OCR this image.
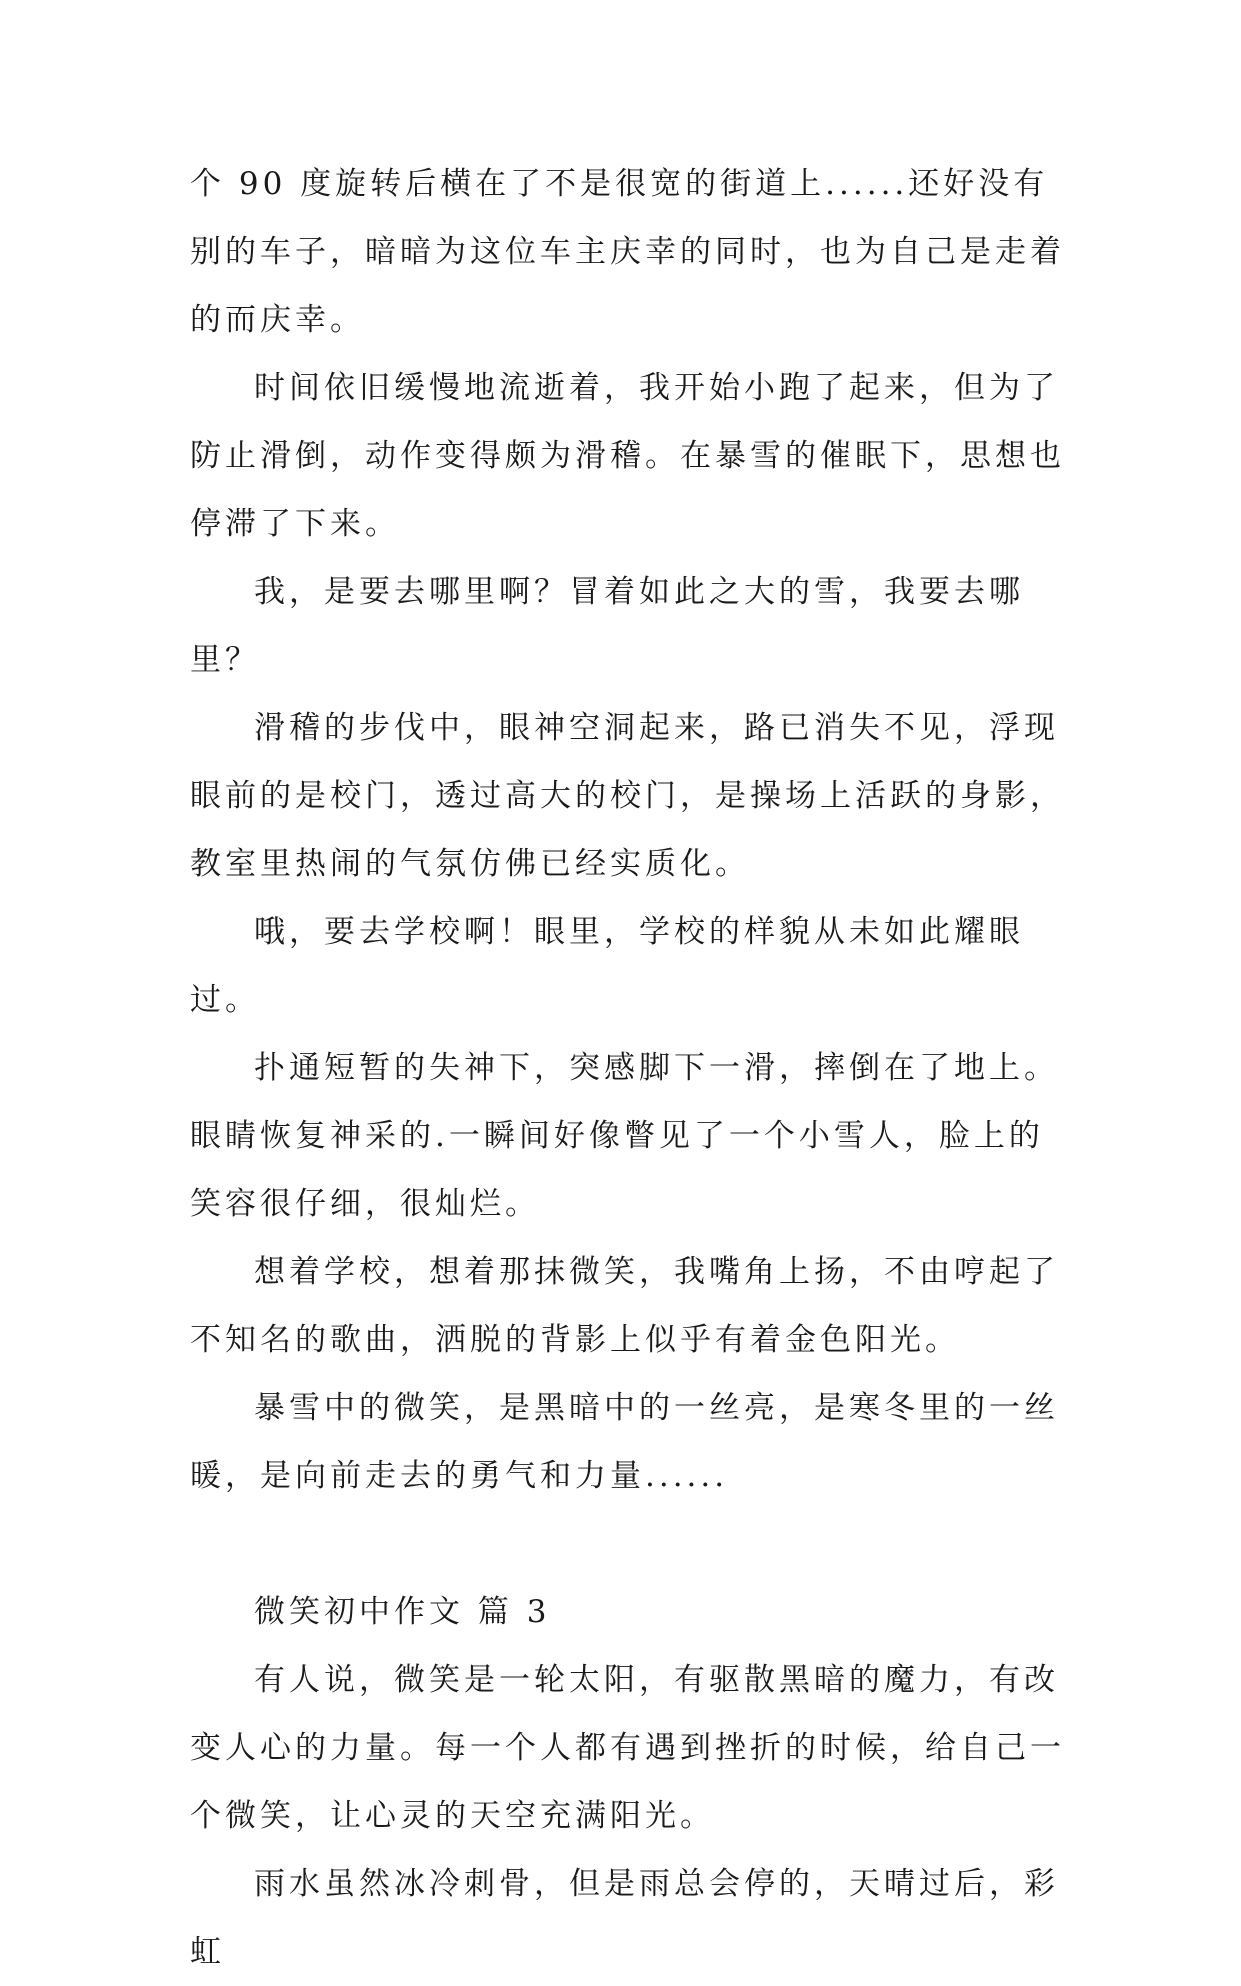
个 90 度旋转后横在了不是很宽的街道上......还好没有别的车子，暗暗为这位车主庆幸的同时，也为自己是走着的而庆幸。

时间依旧缓慢地流逝着，我开始小跑了起来，但为了防止滑倒，动作变得颇为滑稽。在暴雪的催眠下，思想也停滞了下来。

我，是要去哪里啊？冒着如此之大的雪，我要去哪里？

滑稽的步伐中，眼神空洞起来，路已消失不见，浮现眼前的是校门，透过高大的校门，是操场上活跃的身影，教室里热闹的气氛仿佛已经实质化。

哦，要去学校啊！眼里，学校的样貌从未如此耀眼过。

扑通短暂的失神下，突感脚下一滑，摔倒在了地上。眼睛恢复神采的.一瞬间好像瞥见了一个小雪人，脸上的笑容很仔细，很灿烂。

想着学校，想着那抹微笑，我嘴角上扬，不由哼起了不知名的歌曲，洒脱的背影上似乎有着金色阳光。

暴雪中的微笑，是黑暗中的一丝亮，是寒冬里的一丝暖，是向前走去的勇气和力量......

微笑初中作文 篇 3

有人说，微笑是一轮太阳，有驱散黑暗的魔力，有改变人心的力量。每一个人都有遇到挫折的时候，给自己一个微笑，让心灵的天空充满阳光。

雨水虽然冰冷刺骨，但是雨总会停的，天晴过后，彩虹
